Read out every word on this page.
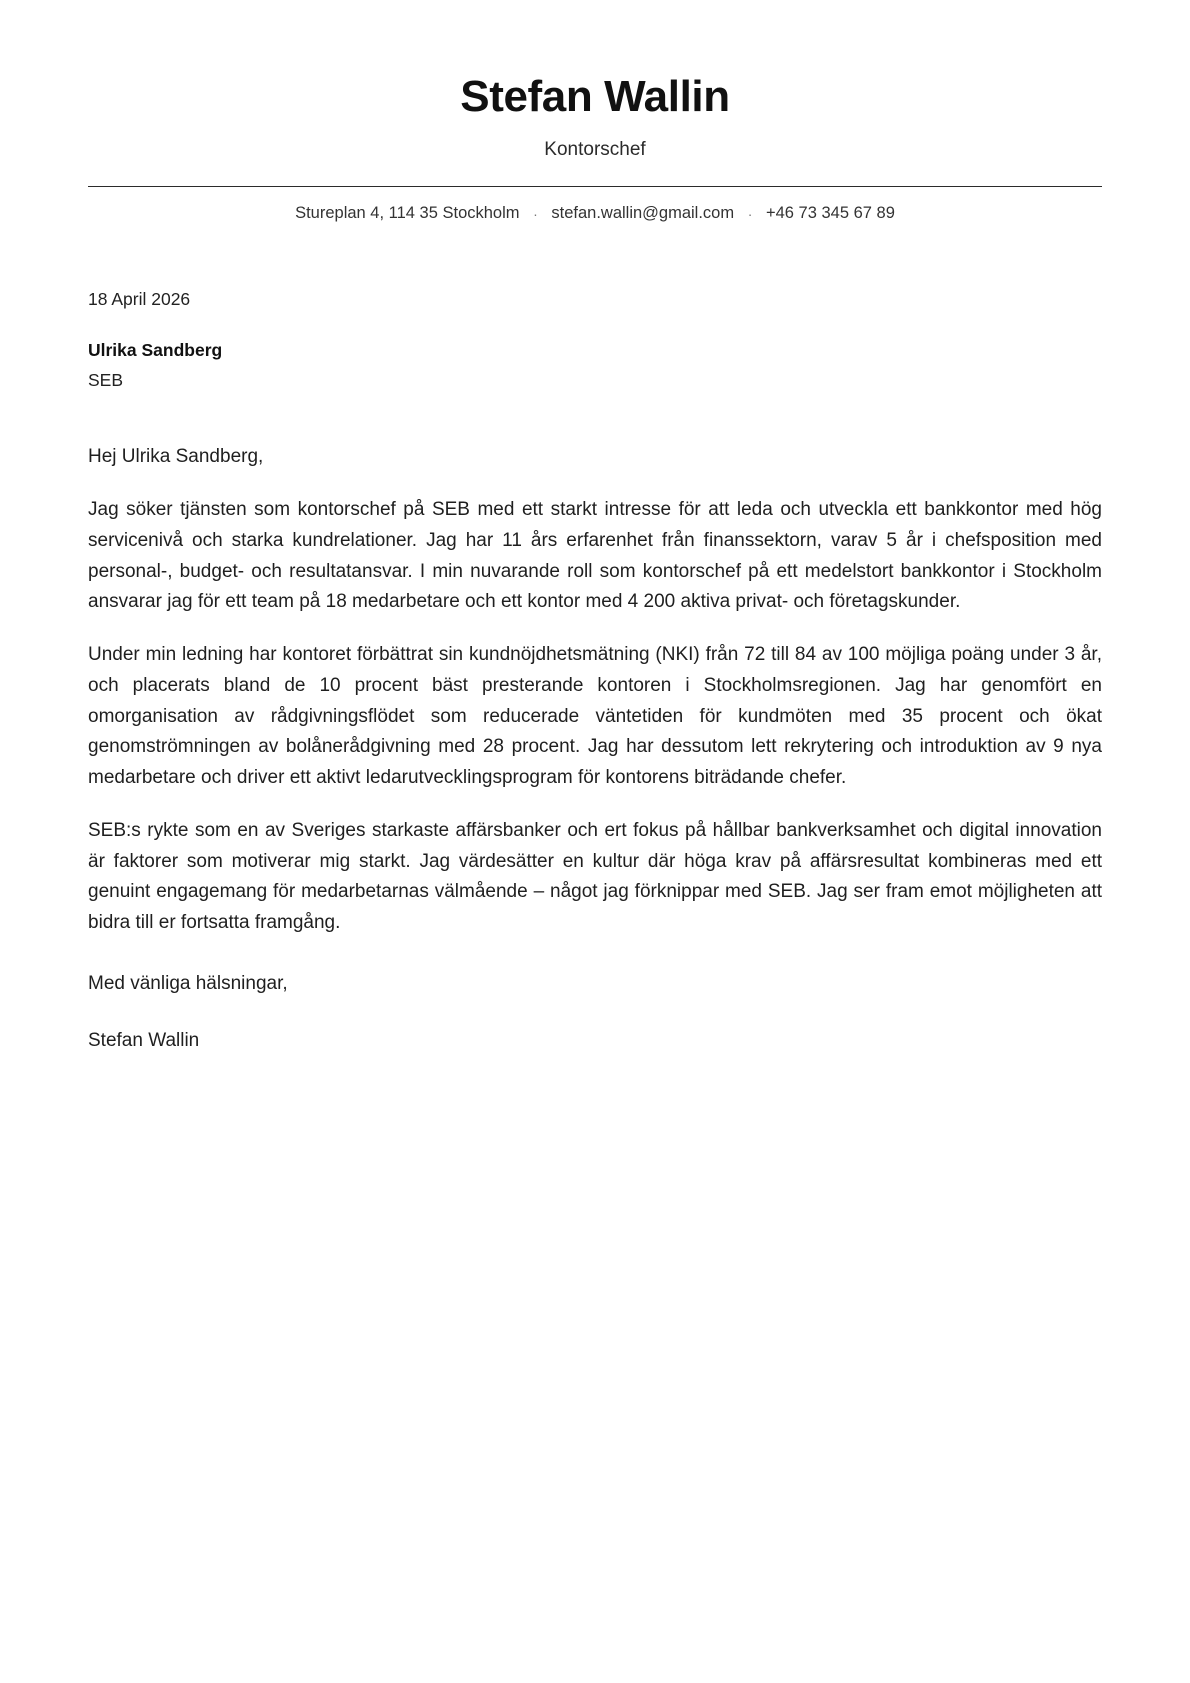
Stefan Wallin
Kontorschef
Stureplan 4, 114 35 Stockholm · stefan.wallin@gmail.com · +46 73 345 67 89
18 April 2026
Ulrika Sandberg
SEB
Hej Ulrika Sandberg,

Jag söker tjänsten som kontorschef på SEB med ett starkt intresse för att leda och utveckla ett bankkontor med hög servicenivå och starka kundrelationer. Jag har 11 års erfarenhet från finanssektorn, varav 5 år i chefsposition med personal-, budget- och resultatansvar. I min nuvarande roll som kontorschef på ett medelstort bankkontor i Stockholm ansvarar jag för ett team på 18 medarbetare och ett kontor med 4 200 aktiva privat- och företagskunder.

Under min ledning har kontoret förbättrat sin kundnöjdhetsmätning (NKI) från 72 till 84 av 100 möjliga poäng under 3 år, och placerats bland de 10 procent bäst presterande kontoren i Stockholmsregionen. Jag har genomfört en omorganisation av rådgivningsflödet som reducerade väntetiden för kundmöten med 35 procent och ökat genomströmningen av bolånerådgivning med 28 procent. Jag har dessutom lett rekrytering och introduktion av 9 nya medarbetare och driver ett aktivt ledarutvecklingsprogram för kontorens biträdande chefer.

SEB:s rykte som en av Sveriges starkaste affärsbanker och ert fokus på hållbar bankverksamhet och digital innovation är faktorer som motiverar mig starkt. Jag värdesätter en kultur där höga krav på affärsresultat kombineras med ett genuint engagemang för medarbetarnas välmående – något jag förknippar med SEB. Jag ser fram emot möjligheten att bidra till er fortsatta framgång.

Med vänliga hälsningar,
Stefan Wallin
